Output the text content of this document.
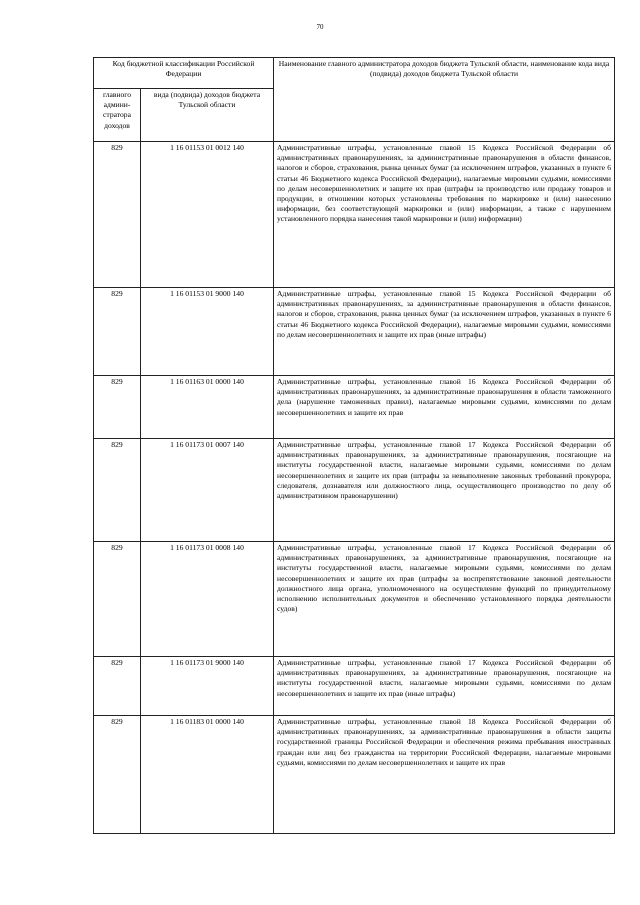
70
Код бюджетной классификации Российской Федерации		Наименование главного администратора доходов бюджета Тульской области, наименование кода вида (подвида) доходов бюджета Тульской области
главного админи-стратора доходов	вида (подвида) доходов бюджета Тульской области	
829	1 16 01153 01 0012 140	Административные штрафы, установленные главой 15 Кодекса Российской Федерации об административных правонарушениях, за административные правонарушения в области финансов, налогов и сборов, страхования, рынка ценных бумаг (за исключением штрафов, указанных в пункте 6 статьи 46 Бюджетного кодекса Российской Федерации), налагаемые мировыми судьями, комиссиями по делам несовершеннолетних и защите их прав (штрафы за производство или продажу товаров и продукции, в отношении которых установлены требования по маркировке и (или) нанесению информации, без соответствующей маркировки и (или) информации, а также с нарушением установленного порядка нанесения такой маркировки и (или) информации)
829	1 16 01153 01 9000 140	Административные штрафы, установленные главой 15 Кодекса Российской Федерации об административных правонарушениях, за административные правонарушения в области финансов, налогов и сборов, страхования, рынка ценных бумаг (за исключением штрафов, указанных в пункте 6 статьи 46 Бюджетного кодекса Российской Федерации), налагаемые мировыми судьями, комиссиями по делам несовершеннолетних и защите их прав (иные штрафы)
829	1 16 01163 01 0000 140	Административные штрафы, установленные главой 16 Кодекса Российской Федерации об административных правонарушениях, за административные правонарушения в области таможенного дела (нарушение таможенных правил), налагаемые мировыми судьями, комиссиями по делам несовершеннолетних и защите их прав
829	1 16 01173 01 0007 140	Административные штрафы, установленные главой 17 Кодекса Российской Федерации об административных правонарушениях, за административные правонарушения, посягающие на институты государственной власти, налагаемые мировыми судьями, комиссиями по делам несовершеннолетних и защите их прав (штрафы за невыполнение законных требований прокурора, следователя, дознавателя или должностного лица, осуществляющего производство по делу об административном правонарушении)
829	1 16 01173 01 0008 140	Административные штрафы, установленные главой 17 Кодекса Российской Федерации об административных правонарушениях, за административные правонарушения, посягающие на институты государственной власти, налагаемые мировыми судьями, комиссиями по делам несовершеннолетних и защите их прав (штрафы за воспрепятствование законной деятельности должностного лица органа, уполномоченного на осуществление функций по принудительному исполнению исполнительных документов и обеспечению установленного порядка деятельности судов)
829	1 16 01173 01 9000 140	Административные штрафы, установленные главой 17 Кодекса Российской Федерации об административных правонарушениях, за административные правонарушения, посягающие на институты государственной власти, налагаемые мировыми судьями, комиссиями по делам несовершеннолетних и защите их прав (иные штрафы)
829	1 16 01183 01 0000 140	Административные штрафы, установленные главой 18 Кодекса Российской Федерации об административных правонарушениях, за административные правонарушения в области защиты государственной границы Российской Федерации и обеспечения режима пребывания иностранных граждан или лиц без гражданства на территории Российской Федерации, налагаемые мировыми судьями, комиссиями по делам несовершеннолетних и защите их прав
